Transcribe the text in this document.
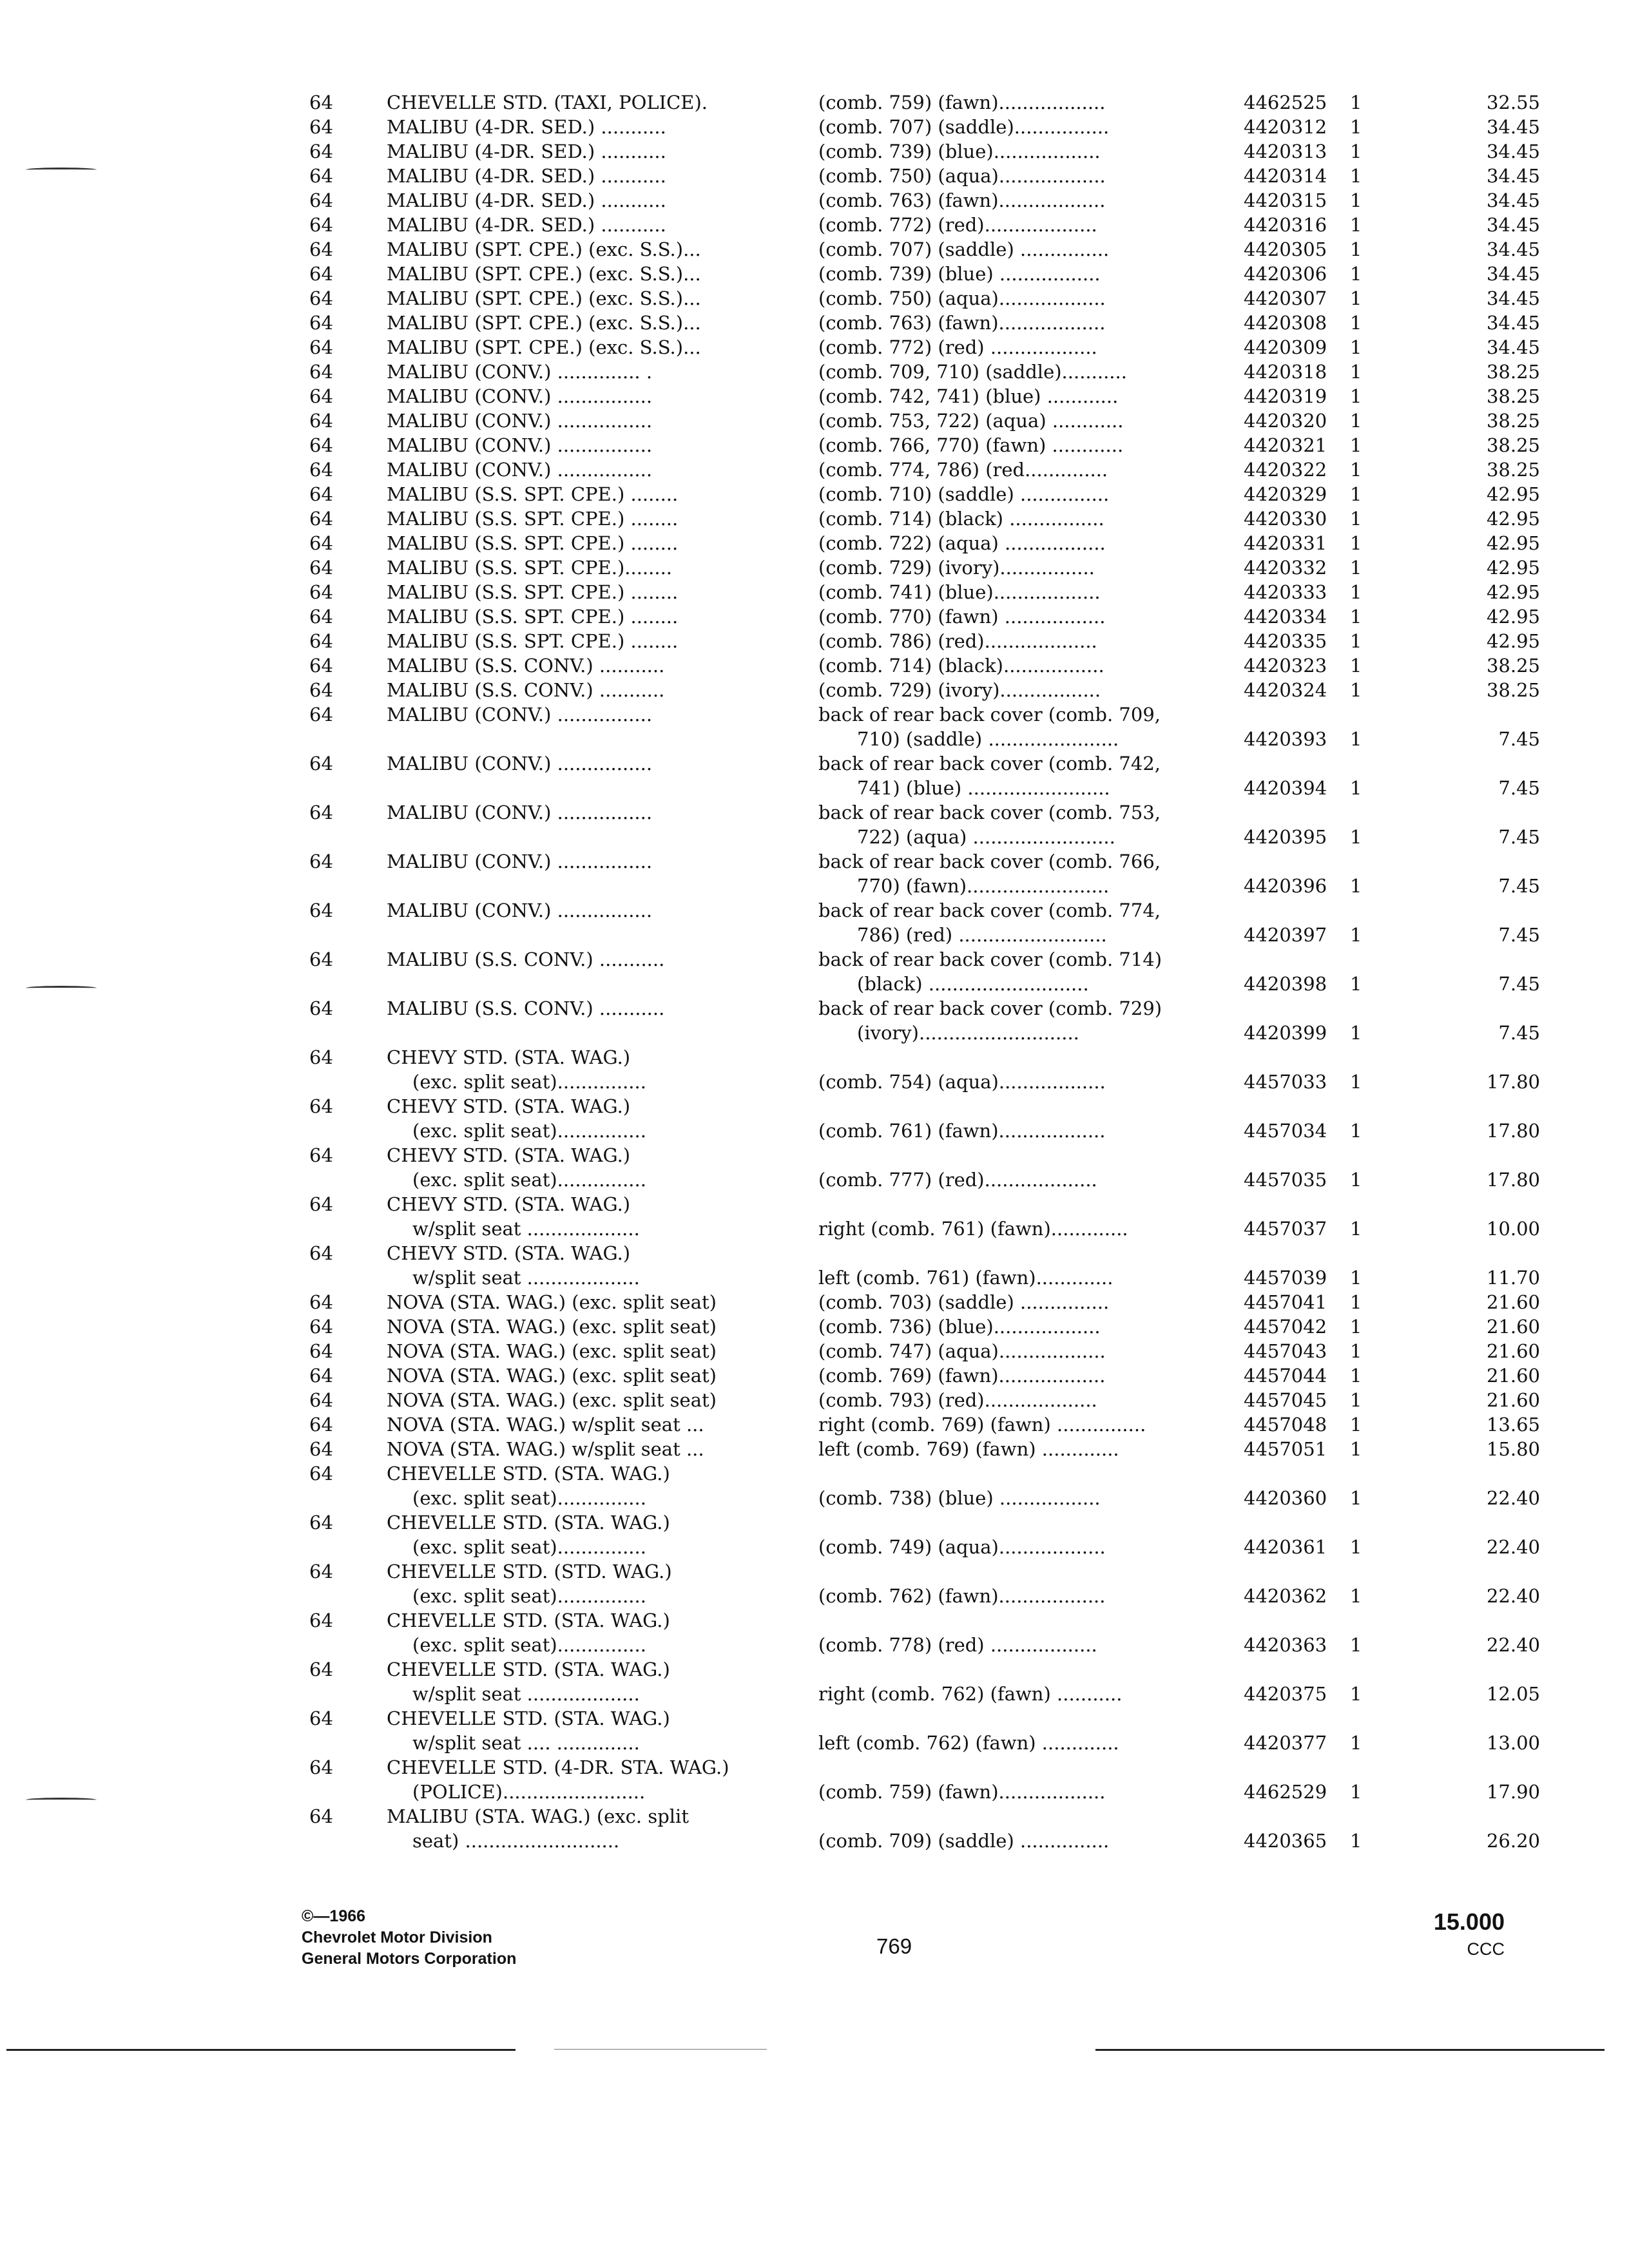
64	CHEVELLE STD. (TAXI, POLICE).	(comb. 759) (fawn)..................	4462525 1	32.55
64	MALIBU (4-DR. SED.) ...........	(comb. 707) (saddle)................	4420312 1	34.45
64	MALIBU (4-DR. SED.) ...........	(comb. 739) (blue)..................	4420313 1	34.45
64	MALIBU (4-DR. SED.) ...........	(comb. 750) (aqua)..................	4420314 1	34.45
64	MALIBU (4-DR. SED.) ...........	(comb. 763) (fawn)..................	4420315 1	34.45
64	MALIBU (4-DR. SED.) ...........	(comb. 772) (red)...................	4420316 1	34.45
64	MALIBU (SPT. CPE.) (exc. S.S.)...	(comb. 707) (saddle) ...............	4420305 1	34.45
64	MALIBU (SPT. CPE.) (exc. S.S.)...	(comb. 739) (blue) .................	4420306 1	34.45
64	MALIBU (SPT. CPE.) (exc. S.S.)...	(comb. 750) (aqua)..................	4420307 1	34.45
64	MALIBU (SPT. CPE.) (exc. S.S.)...	(comb. 763) (fawn)..................	4420308 1	34.45
64	MALIBU (SPT. CPE.) (exc. S.S.)...	(comb. 772) (red) ..................	4420309 1	34.45
64	MALIBU (CONV.) .............. .	(comb. 709, 710) (saddle)...........	4420318 1	38.25
64	MALIBU (CONV.) ................	(comb. 742, 741) (blue) ............	4420319 1	38.25
64	MALIBU (CONV.) ................	(comb. 753, 722) (aqua) ............	4420320 1	38.25
64	MALIBU (CONV.) ................	(comb. 766, 770) (fawn) ............	4420321 1	38.25
64	MALIBU (CONV.) ................	(comb. 774, 786) (red..............	4420322 1	38.25
64	MALIBU (S.S. SPT. CPE.) ........	(comb. 710) (saddle) ...............	4420329 1	42.95
64	MALIBU (S.S. SPT. CPE.) ........	(comb. 714) (black) ................	4420330 1	42.95
64	MALIBU (S.S. SPT. CPE.) ........	(comb. 722) (aqua) .................	4420331 1	42.95
64	MALIBU (S.S. SPT. CPE.)........	(comb. 729) (ivory)................	4420332 1	42.95
64	MALIBU (S.S. SPT. CPE.) ........	(comb. 741) (blue)..................	4420333 1	42.95
64	MALIBU (S.S. SPT. CPE.) ........	(comb. 770) (fawn) .................	4420334 1	42.95
64	MALIBU (S.S. SPT. CPE.) ........	(comb. 786) (red)...................	4420335 1	42.95
64	MALIBU (S.S. CONV.) ...........	(comb. 714) (black).................	4420323 1	38.25
64	MALIBU (S.S. CONV.) ...........	(comb. 729) (ivory).................	4420324 1	38.25
64	MALIBU (CONV.) ................	back of rear back cover (comb. 709,
710) (saddle) ......................	4420393 1	7.45
64	MALIBU (CONV.) ................	back of rear back cover (comb. 742,
741) (blue) ........................	4420394 1	7.45
64	MALIBU (CONV.) ................	back of rear back cover (comb. 753,
722) (aqua) ........................	4420395 1	7.45
64	MALIBU (CONV.) ................	back of rear back cover (comb. 766,
770) (fawn)........................	4420396 1	7.45
64	MALIBU (CONV.) ................	back of rear back cover (comb. 774,
786) (red) .........................	4420397 1	7.45
64	MALIBU (S.S. CONV.) ...........	back of rear back cover (comb. 714)
(black) ...........................	4420398 1	7.45
64	MALIBU (S.S. CONV.) ...........	back of rear back cover (comb. 729)
(ivory)...........................	4420399 1	7.45
64	CHEVY STD. (STA. WAG.)
(exc. split seat)...............	(comb. 754) (aqua)..................	4457033 1	17.80
64	CHEVY STD. (STA. WAG.)
(exc. split seat)...............	(comb. 761) (fawn)..................	4457034 1	17.80
64	CHEVY STD. (STA. WAG.)
(exc. split seat)...............	(comb. 777) (red)...................	4457035 1	17.80
64	CHEVY STD. (STA. WAG.)
w/split seat ...................	right (comb. 761) (fawn).............	4457037 1	10.00
64	CHEVY STD. (STA. WAG.)
w/split seat ...................	left (comb. 761) (fawn).............	4457039 1	11.70
64	NOVA (STA. WAG.) (exc. split seat)	(comb. 703) (saddle) ...............	4457041 1	21.60
64	NOVA (STA. WAG.) (exc. split seat)	(comb. 736) (blue)..................	4457042 1	21.60
64	NOVA (STA. WAG.) (exc. split seat)	(comb. 747) (aqua)..................	4457043 1	21.60
64	NOVA (STA. WAG.) (exc. split seat)	(comb. 769) (fawn)..................	4457044 1	21.60
64	NOVA (STA. WAG.) (exc. split seat)	(comb. 793) (red)...................	4457045 1	21.60
64	NOVA (STA. WAG.) w/split seat ...	right (comb. 769) (fawn) ...............	4457048 1	13.65
64	NOVA (STA. WAG.) w/split seat ...	left (comb. 769) (fawn) .............	4457051 1	15.80
64	CHEVELLE STD. (STA. WAG.)
(exc. split seat)...............	(comb. 738) (blue) .................	4420360 1	22.40
64	CHEVELLE STD. (STA. WAG.)
(exc. split seat)...............	(comb. 749) (aqua)..................	4420361 1	22.40
64	CHEVELLE STD. (STD. WAG.)
(exc. split seat)...............	(comb. 762) (fawn)..................	4420362 1	22.40
64	CHEVELLE STD. (STA. WAG.)
(exc. split seat)...............	(comb. 778) (red) ..................	4420363 1	22.40
64	CHEVELLE STD. (STA. WAG.)
w/split seat ...................	right (comb. 762) (fawn) ...........	4420375 1	12.05
64	CHEVELLE STD. (STA. WAG.)
w/split seat .... ..............	left (comb. 762) (fawn) .............	4420377 1	13.00
64	CHEVELLE STD. (4-DR. STA. WAG.)
(POLICE)........................	(comb. 759) (fawn)..................	4462529 1	17.90
64	MALIBU (STA. WAG.) (exc. split
seat) ..........................	(comb. 709) (saddle) ...............	4420365 1	26.20
©—1966
Chevrolet Motor Division
General Motors Corporation
769
15.000
CCC
